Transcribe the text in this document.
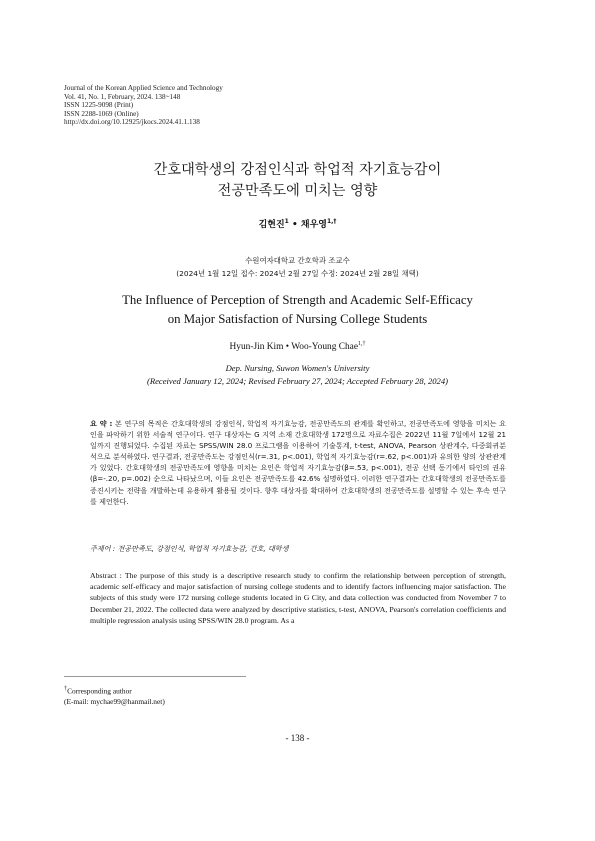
Journal of the Korean Applied Science and Technology
Vol. 41, No. 1, February, 2024. 138~148
ISSN 1225-9098 (Print)
ISSN 2288-1069 (Online)
http://dx.doi.org/10.12925/jkocs.2024.41.1.138
간호대학생의 강점인식과 학업적 자기효능감이
전공만족도에 미치는 영향
김현진$^1$ • 채우영$^{1,\dagger}$
수원여자대학교 간호학과 조교수
(2024년 1월 12일 접수: 2024년 2월 27일 수정: 2024년 2월 28일 채택)
The Influence of Perception of Strength and Academic Self-Efficacy
on Major Satisfaction of Nursing College Students
Hyun-Jin Kim • Woo-Young Chae$^{1,\dagger}$
Dep. Nursing, Suwon Women's University
(Received January 12, 2024; Revised February 27, 2024; Accepted February 28, 2024)
요 약 : 본 연구의 목적은 간호대학생의 강점인식, 학업적 자기효능감, 전공만족도의 관계를 확인하고, 전공만족도에 영향을 미치는 요인을 파악하기 위한 서술적 연구이다. 연구 대상자는 G 지역 소재 간호대학생 172명으로 자료수집은 2022년 11월 7일에서 12월 21일까지 진행되었다. 수집된 자료는 SPSS/WIN 28.0 프로그램을 이용하여 기술통계, t-test, ANOVA, Pearson 상관계수, 다중회귀분석으로 분석하였다. 연구결과, 전공만족도는 강점인식(r=.31, p<.001), 학업적 자기효능감(r=.62, p<.001)과 유의한 양의 상관관계가 있었다. 간호대학생의 전공만족도에 영향을 미치는 요인은 학업적 자기효능감(β=.53, p<.001), 전공 선택 동기에서 타인의 권유(β=-.20, p=.002) 순으로 나타났으며, 이들 요인은 전공만족도를 42.6% 설명하였다. 이러한 연구결과는 간호대학생의 전공만족도를 증진시키는 전략을 개발하는데 유용하게 활용될 것이다. 향후 대상자를 확대하여 간호대학생의 전공만족도를 설명할 수 있는 후속 연구를 제언한다.
주제어 : 전공만족도, 강점인식, 학업적 자기효능감, 간호, 대학생
Abstract : The purpose of this study is a descriptive research study to confirm the relationship between perception of strength, academic self-efficacy and major satisfaction of nursing college students and to identify factors influencing major satisfaction. The subjects of this study were 172 nursing college students located in G City, and data collection was conducted from November 7 to December 21, 2022. The collected data were analyzed by descriptive statistics, t-test, ANOVA, Pearson's correlation coefficients and multiple regression analysis using SPSS/WIN 28.0 program. As a
†Corresponding author
(E-mail: mychae99@hanmail.net)
- 138 -
